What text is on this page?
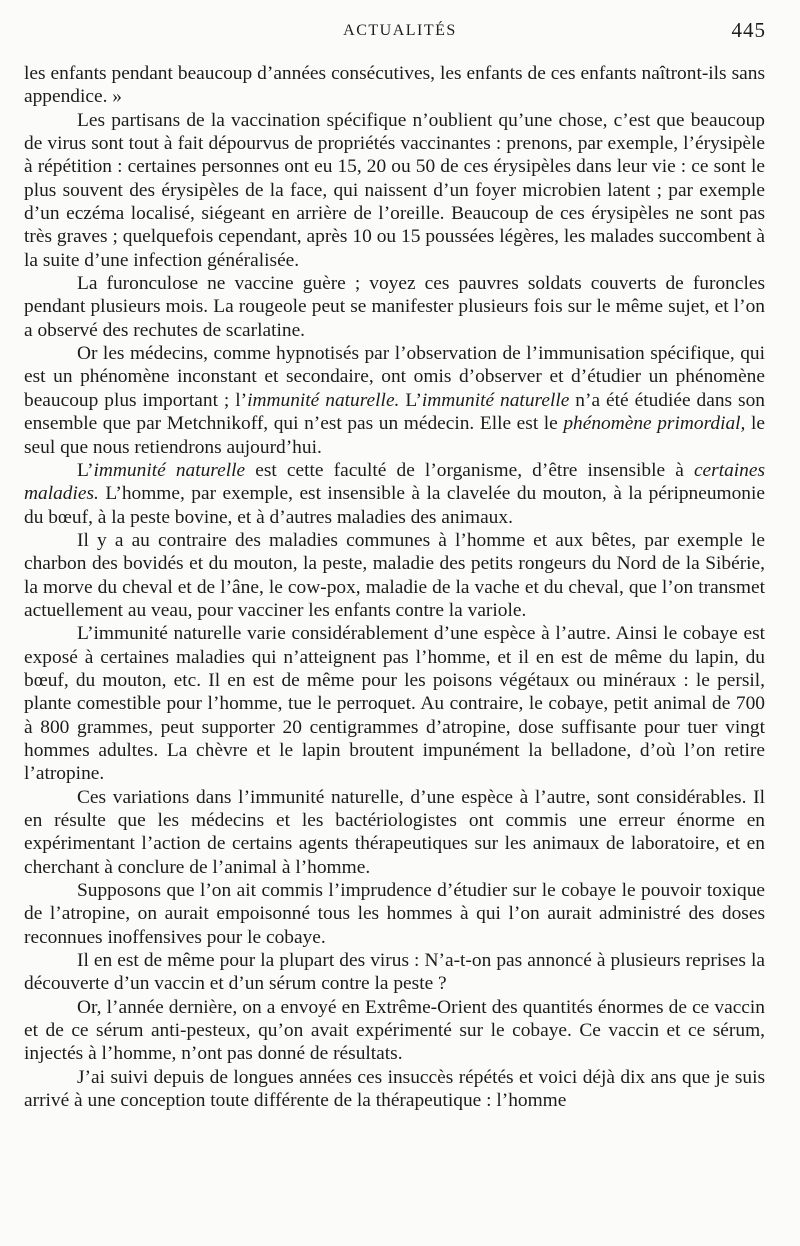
ACTUALITÉS	445

les enfants pendant beaucoup d’années consécutives, les enfants de ces enfants naîtront-ils sans appendice. »

Les partisans de la vaccination spécifique n’oublient qu’une chose, c’est que beaucoup de virus sont tout à fait dépourvus de propriétés vaccinantes : prenons, par exemple, l’érysipèle à répétition : certaines personnes ont eu 15, 20 ou 50 de ces érysipèles dans leur vie : ce sont le plus souvent des érysipèles de la face, qui naissent d’un foyer microbien latent ; par exemple d’un eczéma localisé, siégeant en arrière de l’oreille. Beaucoup de ces érysipèles ne sont pas très graves ; quelquefois cependant, après 10 ou 15 poussées légères, les malades succombent à la suite d’une infection généralisée.

La furonculose ne vaccine guère ; voyez ces pauvres soldats couverts de furoncles pendant plusieurs mois. La rougeole peut se manifester plusieurs fois sur le même sujet, et l’on a observé des rechutes de scarlatine.

Or les médecins, comme hypnotisés par l’observation de l’immunisation spécifique, qui est un phénomène inconstant et secondaire, ont omis d’observer et d’étudier un phénomène beaucoup plus important ; l’immunité naturelle. L’immunité naturelle n’a été étudiée dans son ensemble que par Metchnikoff, qui n’est pas un médecin. Elle est le phénomène primordial, le seul que nous retiendrons aujourd’hui.

L’immunité naturelle est cette faculté de l’organisme, d’être insensible à certaines maladies. L’homme, par exemple, est insensible à la clavelée du mouton, à la péripneumonie du bœuf, à la peste bovine, et à d’autres maladies des animaux.

Il y a au contraire des maladies communes à l’homme et aux bêtes, par exemple le charbon des bovidés et du mouton, la peste, maladie des petits rongeurs du Nord de la Sibérie, la morve du cheval et de l’âne, le cow-pox, maladie de la vache et du cheval, que l’on transmet actuellement au veau, pour vacciner les enfants contre la variole.

L’immunité naturelle varie considérablement d’une espèce à l’autre. Ainsi le cobaye est exposé à certaines maladies qui n’atteignent pas l’homme, et il en est de même du lapin, du bœuf, du mouton, etc. Il en est de même pour les poisons végétaux ou minéraux : le persil, plante comestible pour l’homme, tue le perroquet. Au contraire, le cobaye, petit animal de 700 à 800 grammes, peut supporter 20 centigrammes d’atropine, dose suffisante pour tuer vingt hommes adultes. La chèvre et le lapin broutent impunément la belladone, d’où l’on retire l’atropine.

Ces variations dans l’immunité naturelle, d’une espèce à l’autre, sont considérables. Il en résulte que les médecins et les bactériologistes ont commis une erreur énorme en expérimentant l’action de certains agents thérapeutiques sur les animaux de laboratoire, et en cherchant à conclure de l’animal à l’homme.

Supposons que l’on ait commis l’imprudence d’étudier sur le cobaye le pouvoir toxique de l’atropine, on aurait empoisonné tous les hommes à qui l’on aurait administré des doses reconnues inoffensives pour le cobaye.

Il en est de même pour la plupart des virus : N’a-t-on pas annoncé à plusieurs reprises la découverte d’un vaccin et d’un sérum contre la peste ?

Or, l’année dernière, on a envoyé en Extrême-Orient des quantités énormes de ce vaccin et de ce sérum anti-pesteux, qu’on avait expérimenté sur le cobaye. Ce vaccin et ce sérum, injectés à l’homme, n’ont pas donné de résultats.

J’ai suivi depuis de longues années ces insuccès répétés et voici déjà dix ans que je suis arrivé à une conception toute différente de la thérapeutique : l’homme
